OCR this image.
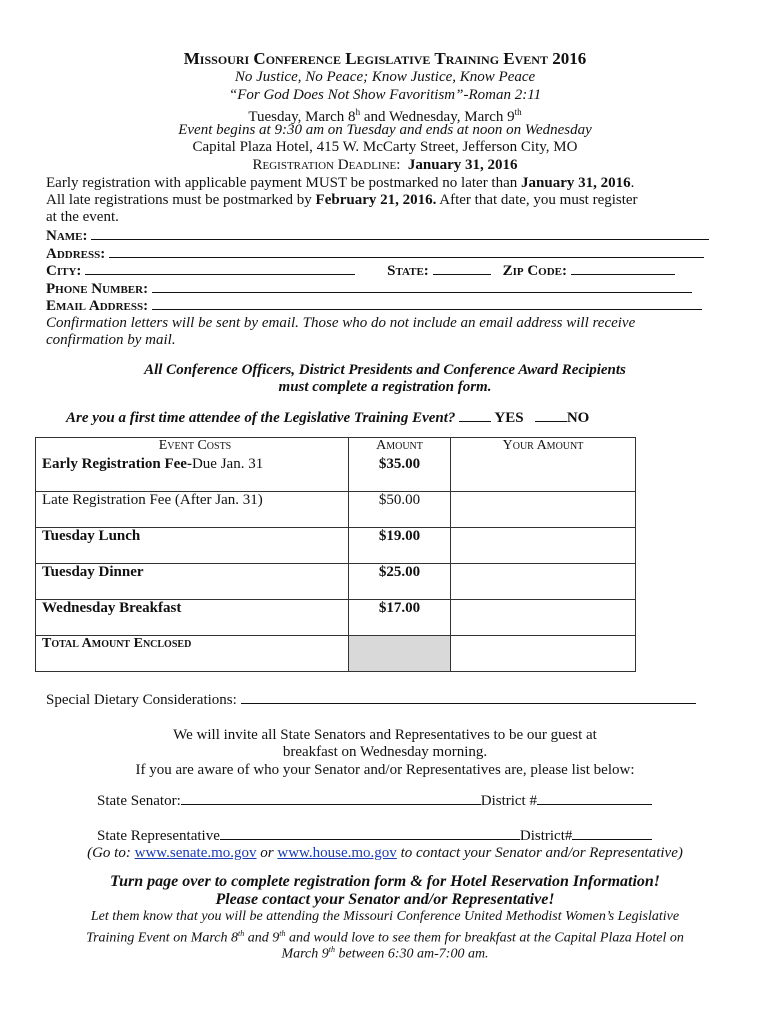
Missouri Conference Legislative Training Event 2016
No Justice, No Peace; Know Justice, Know Peace
“For God Does Not Show Favoritism”-Roman 2:11
Tuesday, March 8$^h$ and Wednesday, March 9th
Event begins at 9:30 am on Tuesday and ends at noon on Wednesday
Capital Plaza Hotel, 415 W. McCarty Street, Jefferson City, MO
Registration Deadline: January 31, 2016
Early registration with applicable payment MUST be postmarked no later than January 31, 2016.
All late registrations must be postmarked by February 21, 2016. After that date, you must register
at the event.
Name:
Address:
City:	State:	Zip Code:
Phone Number:
Email Address:
Confirmation letters will be sent by email. Those who do not include an email address will receive
confirmation by mail.
All Conference Officers, District Presidents and Conference Award Recipients
must complete a registration form.
Are you a first time attendee of the Legislative Training Event?	YES	NO
Event Costs	Amount	Your Amount
Early Registration Fee-Due Jan. 31	$35.00	
Late Registration Fee (After Jan. 31)	$50.00	
Tuesday Lunch	$19.00	
Tuesday Dinner	$25.00	
Wednesday Breakfast	$17.00	
Total Amount Enclosed		
Special Dietary Considerations:
We will invite all State Senators and Representatives to be our guest at
breakfast on Wednesday morning.
If you are aware of who your Senator and/or Representatives are, please list below:
State Senator:	District #
State Representative	District#
(Go to: www.senate.mo.gov or www.house.mo.gov to contact your Senator and/or Representative)
Turn page over to complete registration form & for Hotel Reservation Information!
Please contact your Senator and/or Representative!
Let them know that you will be attending the Missouri Conference United Methodist Women’s Legislative
Training Event on March 8th and 9th and would love to see them for breakfast at the Capital Plaza Hotel on
March 9th between 6:30 am-7:00 am.
